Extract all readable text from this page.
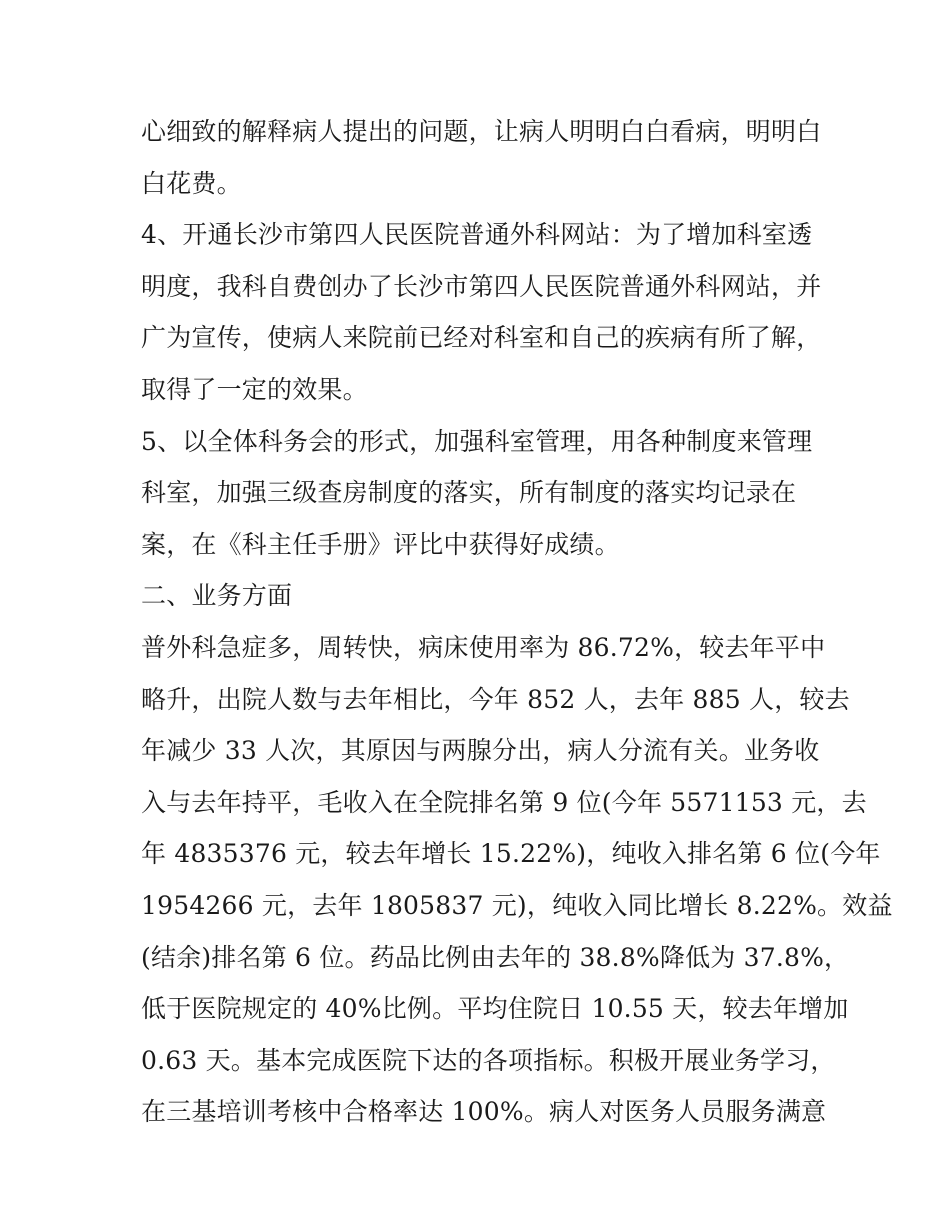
心细致的解释病人提出的问题，让病人明明白白看病，明明白
白花费。
4、开通长沙市第四人民医院普通外科网站：为了增加科室透
明度，我科自费创办了长沙市第四人民医院普通外科网站，并
广为宣传，使病人来院前已经对科室和自己的疾病有所了解，
取得了一定的效果。
5、以全体科务会的形式，加强科室管理，用各种制度来管理
科室，加强三级查房制度的落实，所有制度的落实均记录在
案，在《科主任手册》评比中获得好成绩。
二、业务方面
普外科急症多，周转快，病床使用率为 86.72%，较去年平中
略升，出院人数与去年相比，今年 852 人，去年 885 人，较去
年减少 33 人次，其原因与两腺分出，病人分流有关。业务收
入与去年持平，毛收入在全院排名第 9 位(今年 5571153 元，去
年 4835376 元，较去年增长 15.22%)，纯收入排名第 6 位(今年
1954266 元，去年 1805837 元)，纯收入同比增长 8.22%。效益
(结余)排名第 6 位。药品比例由去年的 38.8%降低为 37.8%，
低于医院规定的 40%比例。平均住院日 10.55 天，较去年增加
0.63 天。基本完成医院下达的各项指标。积极开展业务学习，
在三基培训考核中合格率达 100%。病人对医务人员服务满意
